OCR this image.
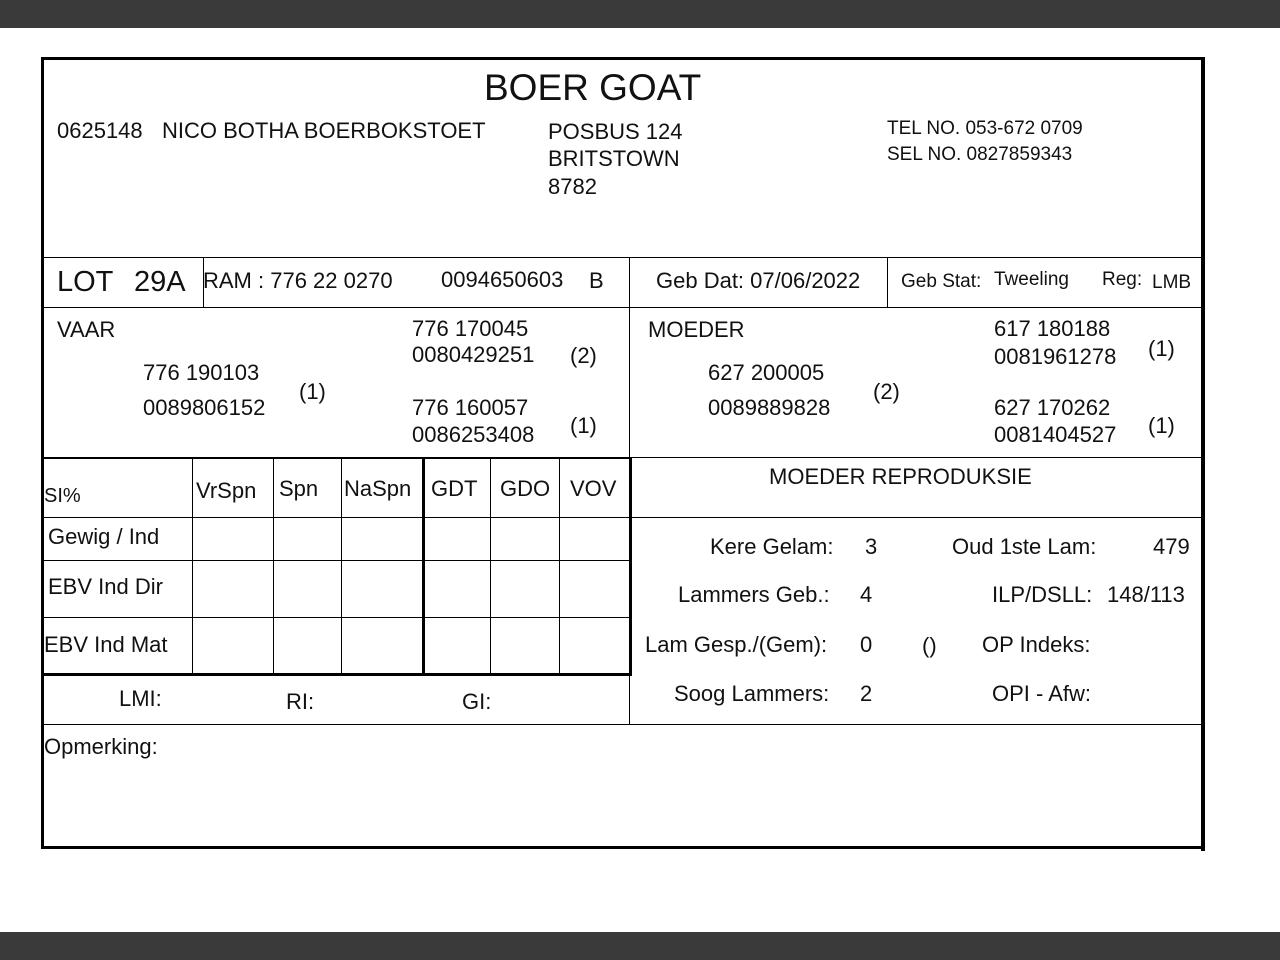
BOER GOAT
0625148 NICO BOTHA BOERBOKSTOET	POSBUS 124
BRITSTOWN
8782
TEL NO. 053-672 0709
SEL NO. 0827859343
LOT 29A RAM : 776 22 0270 0094650603 B Geb Dat: 07/06/2022 Geb Stat: Tweeling Reg: LMB
VAAR
776 190103
0089806152
(1)
776 170045
0080429251 (2)
776 160057
0086253408 (1)
MOEDER
627 200005
0089889828
(2)
617 180188
0081961278 (1)
627 170262
0081404527 (1)
SI%	VrSpn Spn NaSpn GDT GDO VOV
Gewig / Ind
EBV Ind Dir
EBV Ind Mat
LMI:	RI:	GI:
MOEDER REPRODUKSIE
Kere Gelam: 3	Oud 1ste Lam:	479
Lammers Geb.: 4	ILP/DSLL: 148/113
Lam Gesp./(Gem): 0 () OP Indeks:
Soog Lammers: 2	OPI - Afw:
Opmerking:
